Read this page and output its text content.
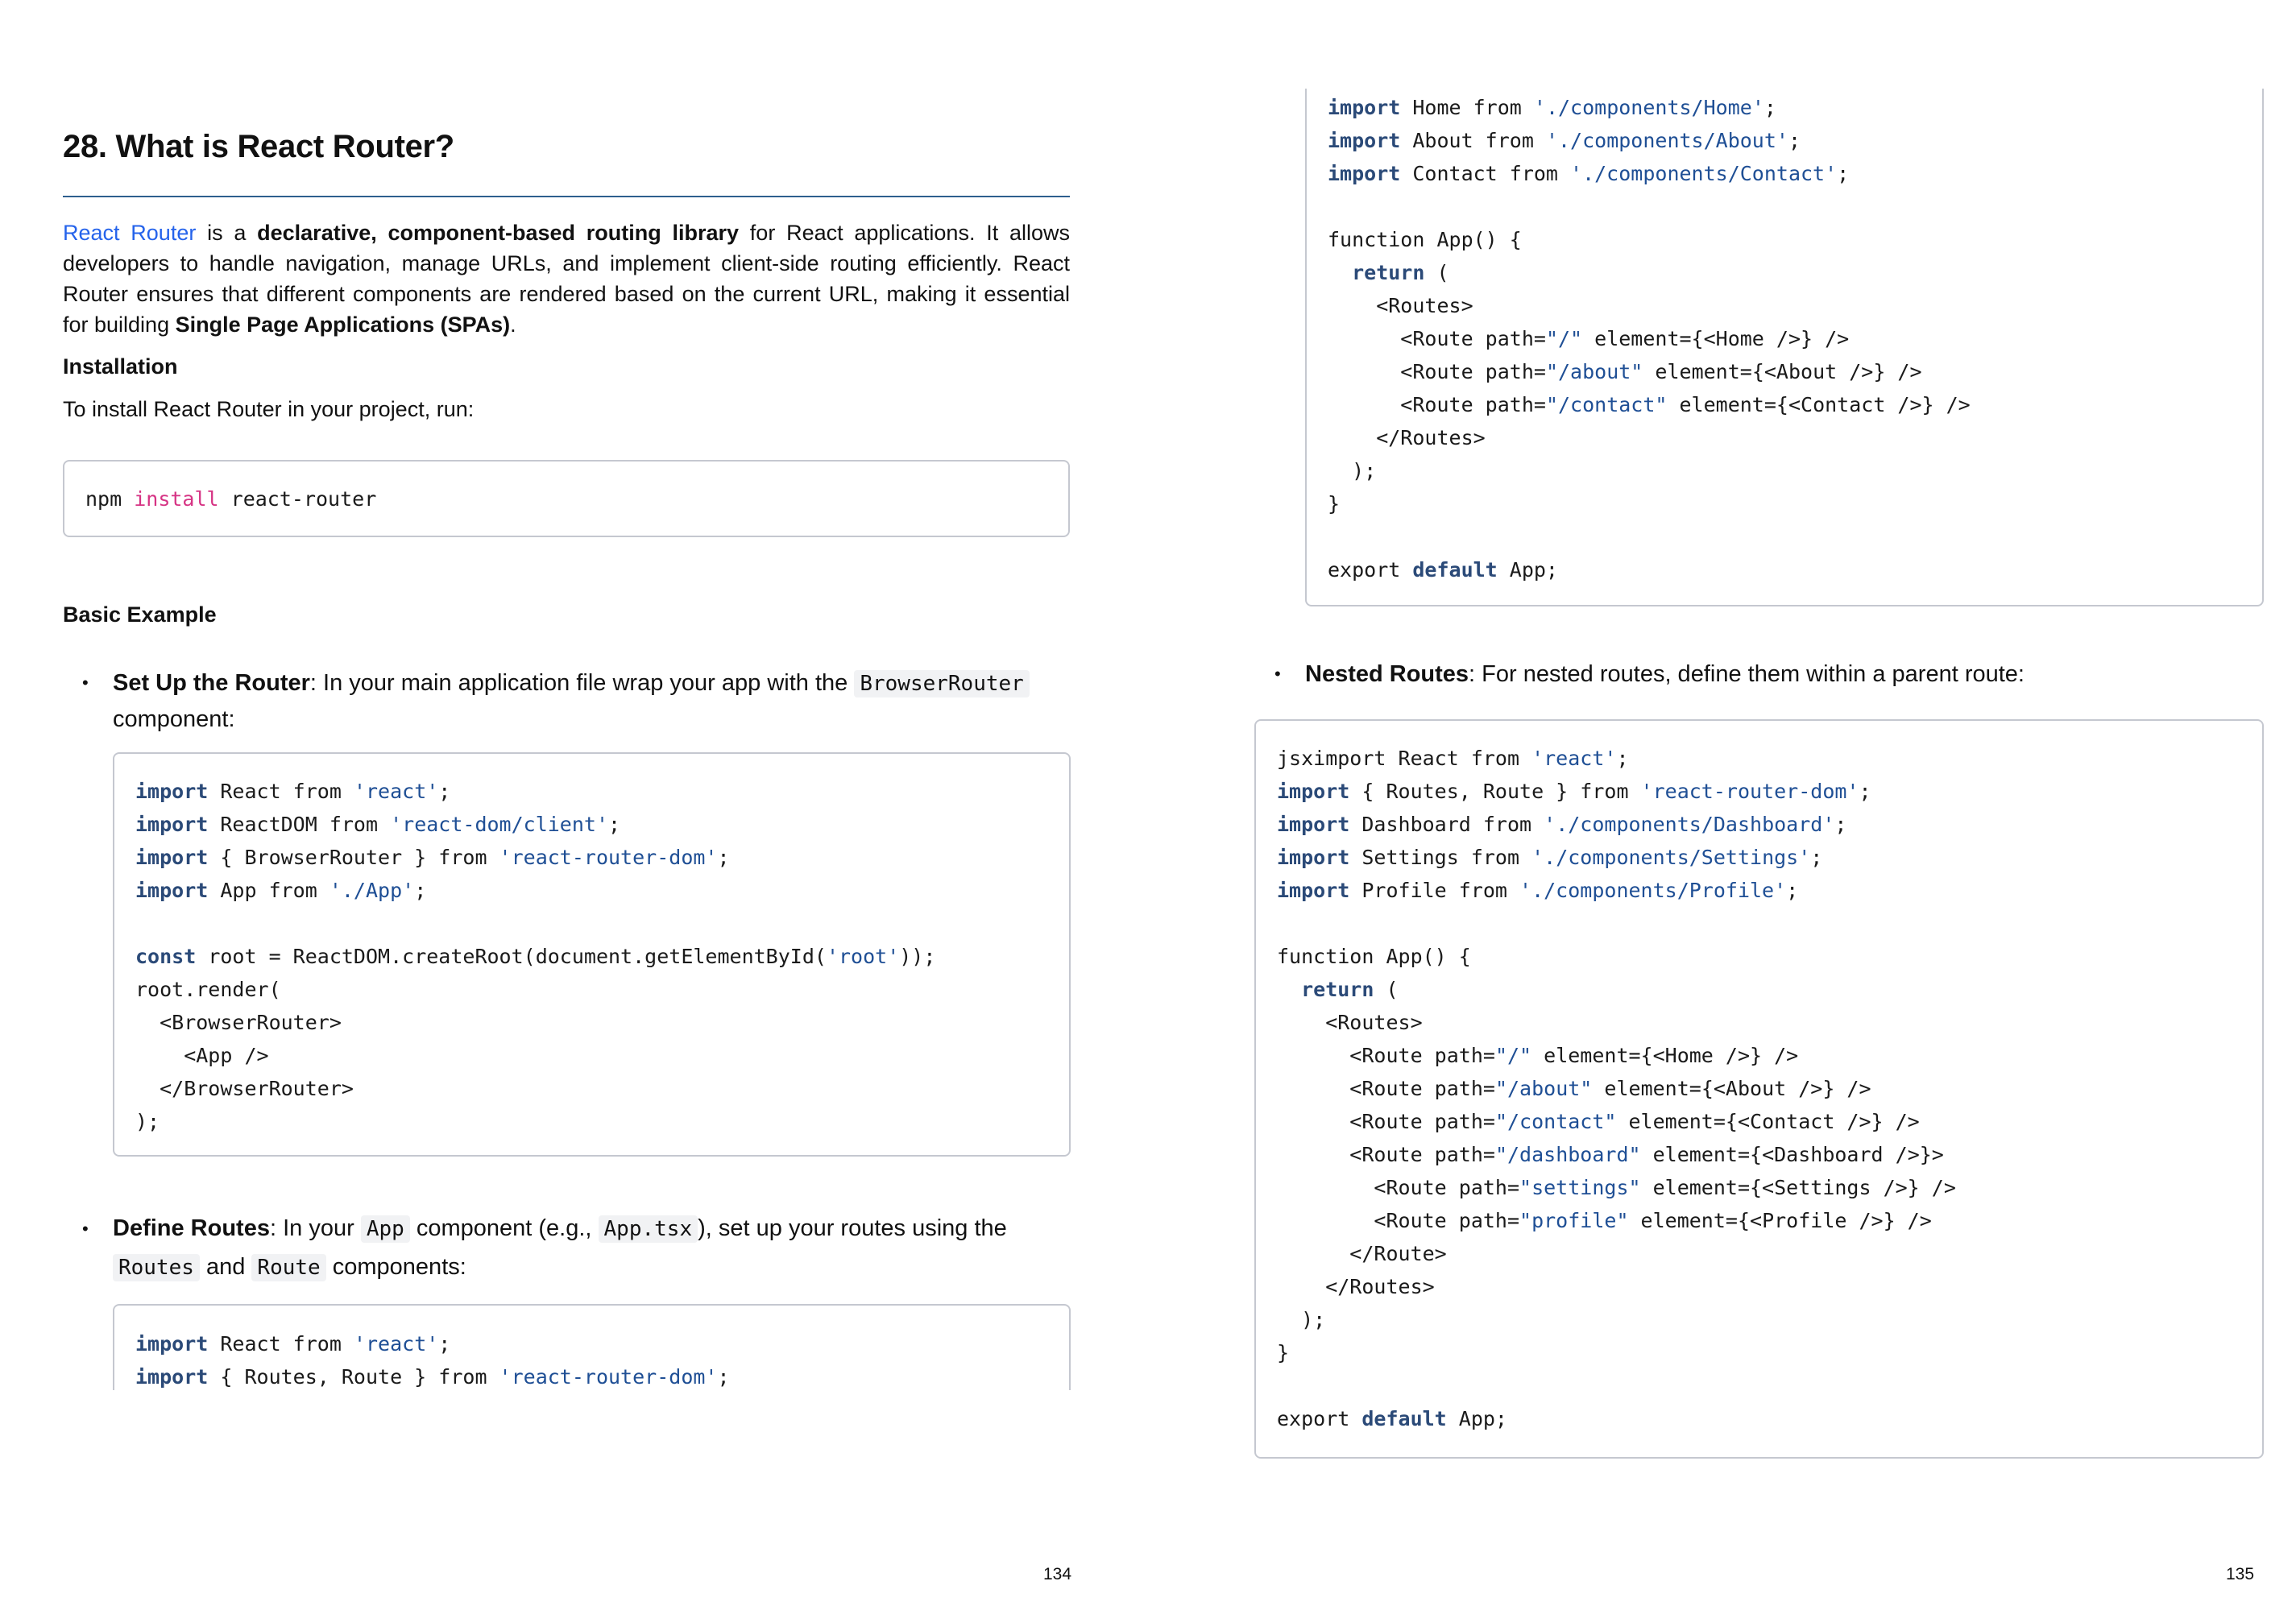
28. What is React Router?

React Router is a declarative, component-based routing library for React applications. It allows developers to handle navigation, manage URLs, and implement client-side routing efficiently. React Router ensures that different components are rendered based on the current URL, making it essential for building Single Page Applications (SPAs).

Installation

To install React Router in your project, run:

npm install react-router

Basic Example

• Set Up the Router: In your main application file wrap your app with the BrowserRouter
component:
import React from 'react';
import ReactDOM from 'react-dom/client';
import { BrowserRouter } from 'react-router-dom';
import App from './App';

const root = ReactDOM.createRoot(document.getElementById('root'));
root.render(
<BrowserRouter>
<App />
</BrowserRouter>
);
• Define Routes: In your App component (e.g., App.tsx ), set up your routes using the
Routes and Route components:
import React from 'react';
import { Routes, Route } from 'react-router-dom';
134
import Home from './components/Home';
import About from './components/About';
import Contact from './components/Contact';

function App() {
return (
<Routes>
<Route path="/" element={<Home />} />
<Route path="/about" element={<About />} />
<Route path="/contact" element={<Contact />} />
</Routes>
);
}

export default App;
• Nested Routes: For nested routes, define them within a parent route:
jsximport React from 'react';
import { Routes, Route } from 'react-router-dom';
import Dashboard from './components/Dashboard';
import Settings from './components/Settings';
import Profile from './components/Profile';

function App() {
return (
<Routes>
<Route path="/" element={<Home />} />
<Route path="/about" element={<About />} />
<Route path="/contact" element={<Contact />} />
<Route path="/dashboard" element={<Dashboard />}>
<Route path="settings" element={<Settings />} />
<Route path="profile" element={<Profile />} />
</Route>
</Routes>
);
}

export default App;
135
